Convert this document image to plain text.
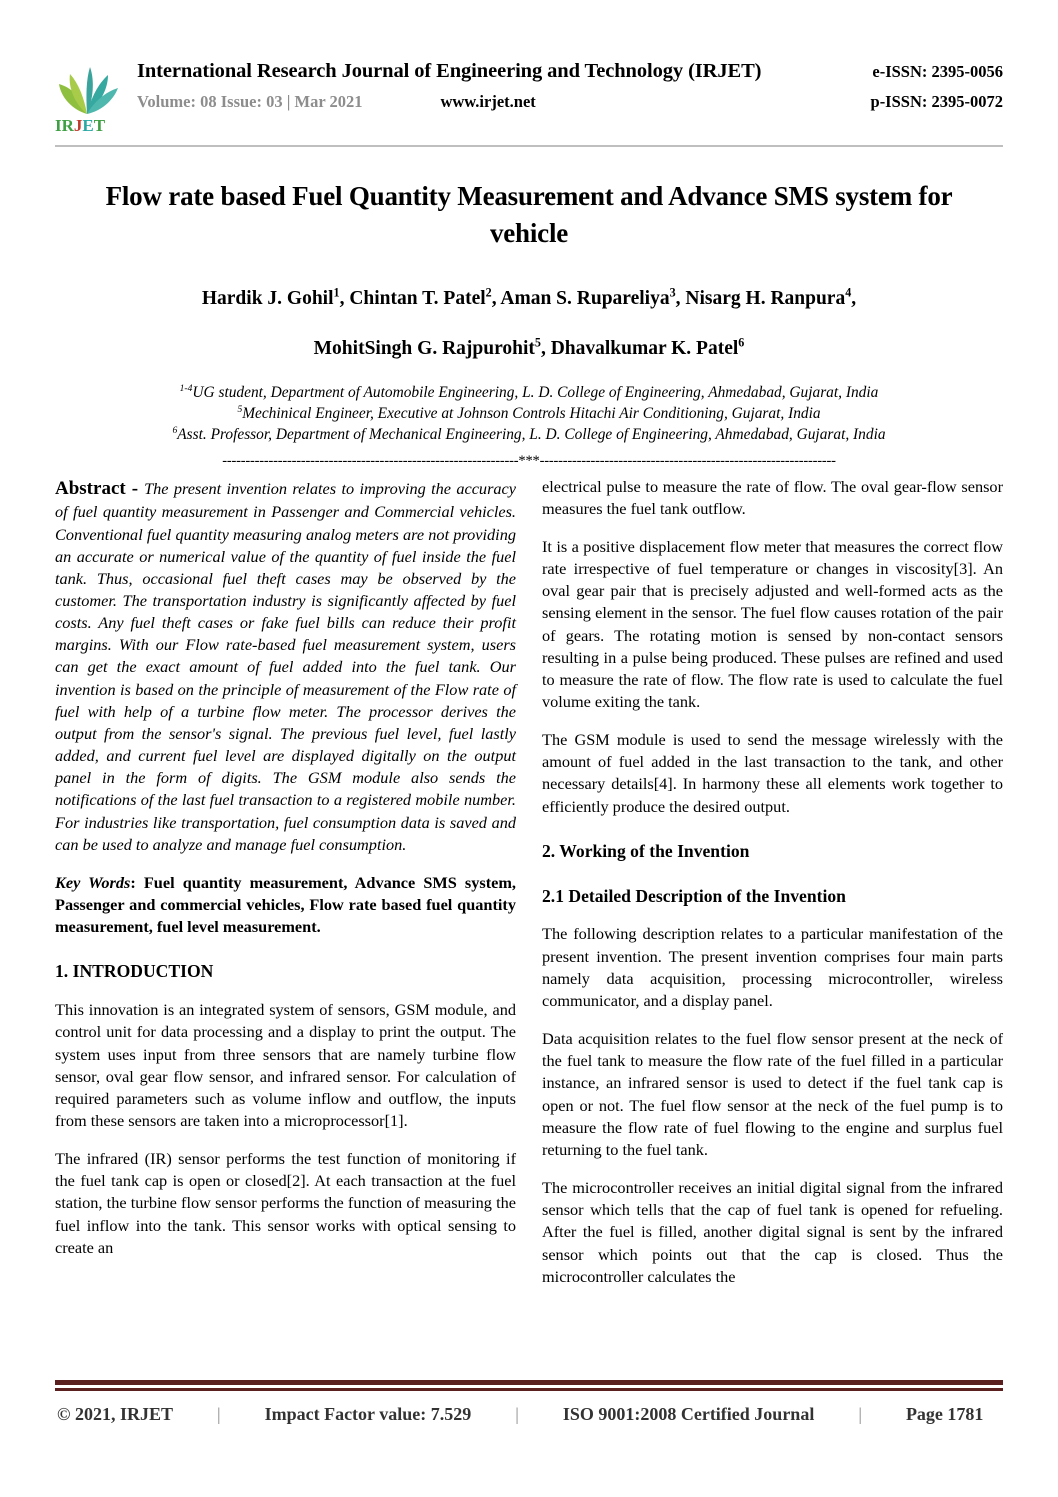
IRJET
International Research Journal of Engineering and Technology (IRJET)	e-ISSN: 2395-0056
Volume: 08 Issue: 03 | Mar 2021	www.irjet.net	p-ISSN: 2395-0072
Flow rate based Fuel Quantity Measurement and Advance SMS system for vehicle
Hardik J. Gohil$^1$, Chintan T. Patel$^2$, Aman S. Rupareliya$^3$, Nisarg H. Ranpura$^4$,
MohitSingh G. Rajpurohit$^5$, Dhavalkumar K. Patel$^6$
$^{1-4}$UG student, Department of Automobile Engineering, L. D. College of Engineering, Ahmedabad, Gujarat, India
$^5$Mechinical Engineer, Executive at Johnson Controls Hitachi Air Conditioning, Gujarat, India
$^6$Asst. Professor, Department of Mechanical Engineering, L. D. College of Engineering, Ahmedabad, Gujarat, India
----------------------------------------------------------------***----------------------------------------------------------------

Abstract - The present invention relates to improving the accuracy of fuel quantity measurement in Passenger and Commercial vehicles. Conventional fuel quantity measuring analog meters are not providing an accurate or numerical value of the quantity of fuel inside the fuel tank. Thus, occasional fuel theft cases may be observed by the customer. The transportation industry is significantly affected by fuel costs. Any fuel theft cases or fake fuel bills can reduce their profit margins. With our Flow rate-based fuel measurement system, users can get the exact amount of fuel added into the fuel tank. Our invention is based on the principle of measurement of the Flow rate of fuel with help of a turbine flow meter. The processor derives the output from the sensor's signal. The previous fuel level, fuel lastly added, and current fuel level are displayed digitally on the output panel in the form of digits. The GSM module also sends the notifications of the last fuel transaction to a registered mobile number. For industries like transportation, fuel consumption data is saved and can be used to analyze and manage fuel consumption.

Key Words: Fuel quantity measurement, Advance SMS system, Passenger and commercial vehicles, Flow rate based fuel quantity measurement, fuel level measurement.

1. INTRODUCTION

This innovation is an integrated system of sensors, GSM module, and control unit for data processing and a display to print the output. The system uses input from three sensors that are namely turbine flow sensor, oval gear flow sensor, and infrared sensor. For calculation of required parameters such as volume inflow and outflow, the inputs from these sensors are taken into a microprocessor[1].

The infrared (IR) sensor performs the test function of monitoring if the fuel tank cap is open or closed[2]. At each transaction at the fuel station, the turbine flow sensor performs the function of measuring the fuel inflow into the tank. This sensor works with optical sensing to create an

electrical pulse to measure the rate of flow. The oval gear-flow sensor measures the fuel tank outflow.

It is a positive displacement flow meter that measures the correct flow rate irrespective of fuel temperature or changes in viscosity[3]. An oval gear pair that is precisely adjusted and well-formed acts as the sensing element in the sensor. The fuel flow causes rotation of the pair of gears. The rotating motion is sensed by non-contact sensors resulting in a pulse being produced. These pulses are refined and used to measure the rate of flow. The flow rate is used to calculate the fuel volume exiting the tank.

The GSM module is used to send the message wirelessly with the amount of fuel added in the last transaction to the tank, and other necessary details[4]. In harmony these all elements work together to efficiently produce the desired output.

2. Working of the Invention
2.1 Detailed Description of the Invention

The following description relates to a particular manifestation of the present invention. The present invention comprises four main parts namely data acquisition, processing microcontroller, wireless communicator, and a display panel.

Data acquisition relates to the fuel flow sensor present at the neck of the fuel tank to measure the flow rate of the fuel filled in a particular instance, an infrared sensor is used to detect if the fuel tank cap is open or not. The fuel flow sensor at the neck of the fuel pump is to measure the flow rate of fuel flowing to the engine and surplus fuel returning to the fuel tank.

The microcontroller receives an initial digital signal from the infrared sensor which tells that the cap of fuel tank is opened for refueling. After the fuel is filled, another digital signal is sent by the infrared sensor which points out that the cap is closed. Thus the microcontroller calculates the

© 2021, IRJET | Impact Factor value: 7.529 | ISO 9001:2008 Certified Journal | Page 1781
